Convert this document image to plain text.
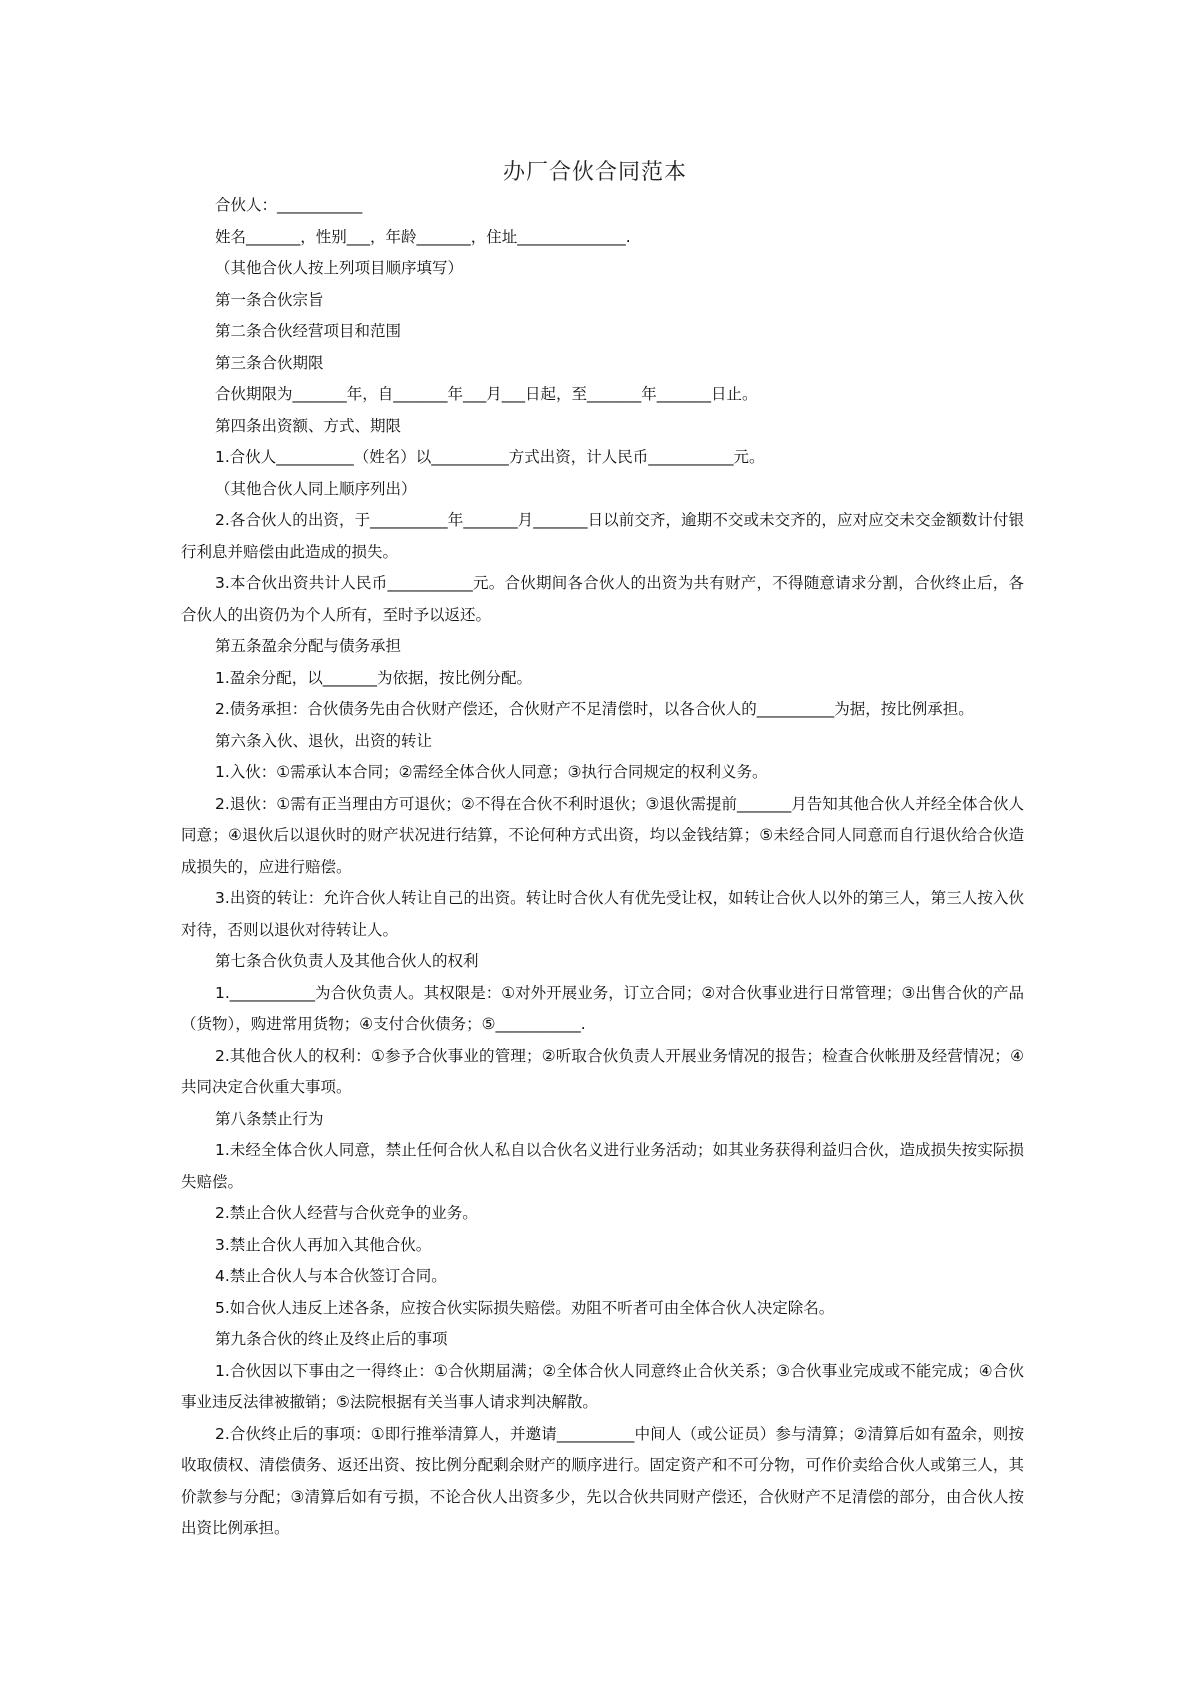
办厂合伙合同范本

合伙人：___________

姓名_______，性别___，年龄_______，住址______________.

（其他合伙人按上列项目顺序填写）

第一条合伙宗旨

第二条合伙经营项目和范围

第三条合伙期限

合伙期限为_______年，自_______年___月___日起，至_______年_______日止。

第四条出资额、方式、期限

1.合伙人__________（姓名）以__________方式出资，计人民币___________元。

（其他合伙人同上顺序列出）

2.各合伙人的出资，于__________年_______月_______日以前交齐，逾期不交或未交齐的，应对应交未交金额数计付银行利息并赔偿由此造成的损失。

3.本合伙出资共计人民币___________元。合伙期间各合伙人的出资为共有财产，不得随意请求分割，合伙终止后，各合伙人的出资仍为个人所有，至时予以返还。

第五条盈余分配与债务承担

1.盈余分配，以_______为依据，按比例分配。

2.债务承担：合伙债务先由合伙财产偿还，合伙财产不足清偿时，以各合伙人的__________为据，按比例承担。

第六条入伙、退伙，出资的转让

1.入伙：①需承认本合同；②需经全体合伙人同意；③执行合同规定的权利义务。

2.退伙：①需有正当理由方可退伙；②不得在合伙不利时退伙；③退伙需提前_______月告知其他合伙人并经全体合伙人同意；④退伙后以退伙时的财产状况进行结算，不论何种方式出资，均以金钱结算；⑤未经合同人同意而自行退伙给合伙造成损失的，应进行赔偿。

3.出资的转让：允许合伙人转让自己的出资。转让时合伙人有优先受让权，如转让合伙人以外的第三人，第三人按入伙对待，否则以退伙对待转让人。

第七条合伙负责人及其他合伙人的权利

1.___________为合伙负责人。其权限是：①对外开展业务，订立合同；②对合伙事业进行日常管理；③出售合伙的产品（货物），购进常用货物；④支付合伙债务；⑤___________.

2.其他合伙人的权利：①参予合伙事业的管理；②听取合伙负责人开展业务情况的报告；检查合伙帐册及经营情况；④共同决定合伙重大事项。

第八条禁止行为

1.未经全体合伙人同意，禁止任何合伙人私自以合伙名义进行业务活动；如其业务获得利益归合伙，造成损失按实际损失赔偿。

2.禁止合伙人经营与合伙竞争的业务。

3.禁止合伙人再加入其他合伙。

4.禁止合伙人与本合伙签订合同。

5.如合伙人违反上述各条，应按合伙实际损失赔偿。劝阻不听者可由全体合伙人决定除名。

第九条合伙的终止及终止后的事项

1.合伙因以下事由之一得终止：①合伙期届满；②全体合伙人同意终止合伙关系；③合伙事业完成或不能完成；④合伙事业违反法律被撤销；⑤法院根据有关当事人请求判决解散。

2.合伙终止后的事项：①即行推举清算人，并邀请__________中间人（或公证员）参与清算；②清算后如有盈余，则按收取债权、清偿债务、返还出资、按比例分配剩余财产的顺序进行。固定资产和不可分物，可作价卖给合伙人或第三人，其价款参与分配；③清算后如有亏损，不论合伙人出资多少，先以合伙共同财产偿还，合伙财产不足清偿的部分，由合伙人按出资比例承担。
